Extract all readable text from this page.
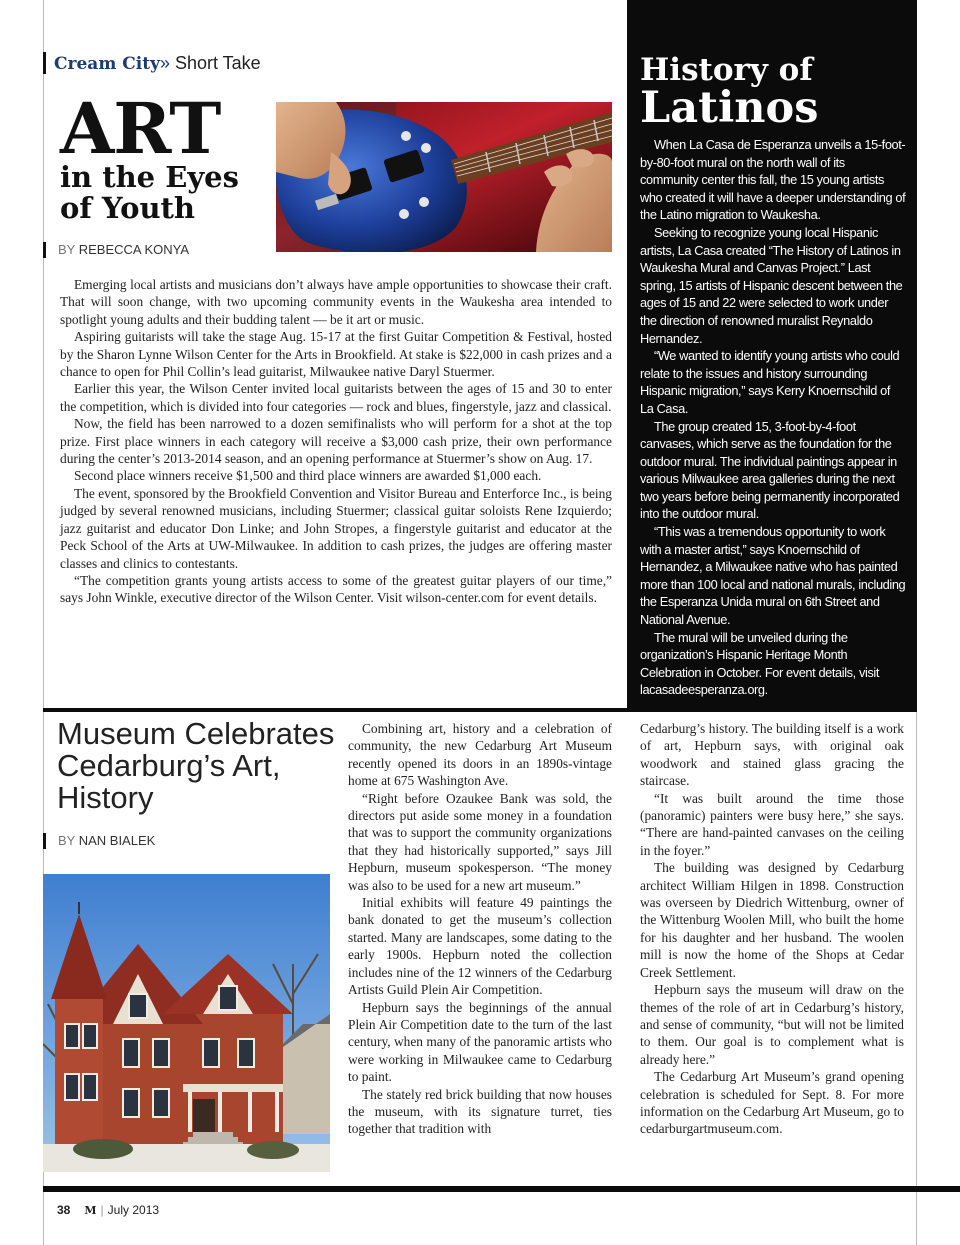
Cream City» Short Take
ART
in the Eyes of Youth
BY REBECCA KONYA

Emerging local artists and musicians don’t always have ample opportunities to showcase their craft. That will soon change, with two upcoming community events in the Waukesha area intended to spotlight young adults and their budding talent — be it art or music.

Aspiring guitarists will take the stage Aug. 15-17 at the first Guitar Competition & Festival, hosted by the Sharon Lynne Wilson Center for the Arts in Brookfield. At stake is $22,000 in cash prizes and a chance to open for Phil Collin’s lead guitarist, Milwaukee native Daryl Stuermer.

Earlier this year, the Wilson Center invited local guitarists between the ages of 15 and 30 to enter the competition, which is divided into four categories — rock and blues, fingerstyle, jazz and classical.

Now, the field has been narrowed to a dozen semifinalists who will perform for a shot at the top prize. First place winners in each category will receive a $3,000 cash prize, their own performance during the center’s 2013-2014 season, and an opening performance at Stuermer’s show on Aug. 17.

Second place winners receive $1,500 and third place winners are awarded $1,000 each.

The event, sponsored by the Brookfield Convention and Visitor Bureau and Enterforce Inc., is being judged by several renowned musicians, including Stuermer; classical guitar soloists Rene Izquierdo; jazz guitarist and educator Don Linke; and John Stropes, a fingerstyle guitarist and educator at the Peck School of the Arts at UW-Milwaukee. In addition to cash prizes, the judges are offering master classes and clinics to contestants.

“The competition grants young artists access to some of the greatest guitar players of our time,” says John Winkle, executive director of the Wilson Center. Visit wilson-center.com for event details.

History of
Latinos

When La Casa de Esperanza unveils a 15-foot-by-80-foot mural on the north wall of its community center this fall, the 15 young artists who created it will have a deeper understanding of the Latino migration to Waukesha.

Seeking to recognize young local Hispanic artists, La Casa created “The History of Latinos in Waukesha Mural and Canvas Project.” Last spring, 15 artists of Hispanic descent between the ages of 15 and 22 were selected to work under the direction of renowned muralist Reynaldo Hernandez.

“We wanted to identify young artists who could relate to the issues and history surrounding Hispanic migration,” says Kerry Knoernschild of La Casa.

The group created 15, 3-foot-by-4-foot canvases, which serve as the foundation for the outdoor mural. The individual paintings appear in various Milwaukee area galleries during the next two years before being permanently incorporated into the outdoor mural.

“This was a tremendous opportunity to work with a master artist,” says Knoernschild of Hernandez, a Milwaukee native who has painted more than 100 local and national murals, including the Esperanza Unida mural on 6th Street and National Avenue.

The mural will be unveiled during the organization’s Hispanic Heritage Month Celebration in October. For event details, visit lacasadeesperanza.org.

Museum Celebrates Cedarburg’s Art, History
BY NAN BIALEK

Combining art, history and a celebration of community, the new Cedarburg Art Museum recently opened its doors in an 1890s-vintage home at 675 Washington Ave.

“Right before Ozaukee Bank was sold, the directors put aside some money in a foundation that was to support the community organizations that they had historically supported,” says Jill Hepburn, museum spokesperson. “The money was also to be used for a new art museum.”

Initial exhibits will feature 49 paintings the bank donated to get the museum’s collection started. Many are landscapes, some dating to the early 1900s. Hepburn noted the collection includes nine of the 12 winners of the Cedarburg Artists Guild Plein Air Competition.

Hepburn says the beginnings of the annual Plein Air Competition date to the turn of the last century, when many of the panoramic artists who were working in Milwaukee came to Cedarburg to paint.

The stately red brick building that now houses the museum, with its signature turret, ties together that tradition with

Cedarburg’s history. The building itself is a work of art, Hepburn says, with original oak woodwork and stained glass gracing the staircase.

“It was built around the time those (panoramic) painters were busy here,” she says. “There are hand-painted canvases on the ceiling in the foyer.”

The building was designed by Cedarburg architect William Hilgen in 1898. Construction was overseen by Diedrich Wittenburg, owner of the Wittenburg Woolen Mill, who built the home for his daughter and her husband. The woolen mill is now the home of the Shops at Cedar Creek Settlement.

Hepburn says the museum will draw on the themes of the role of art in Cedarburg’s history, and sense of community, “but will not be limited to them. Our goal is to complement what is already here.”

The Cedarburg Art Museum’s grand opening celebration is scheduled for Sept. 8. For more information on the Cedarburg Art Museum, go to cedarburgartmuseum.com.

38 M | July 2013
